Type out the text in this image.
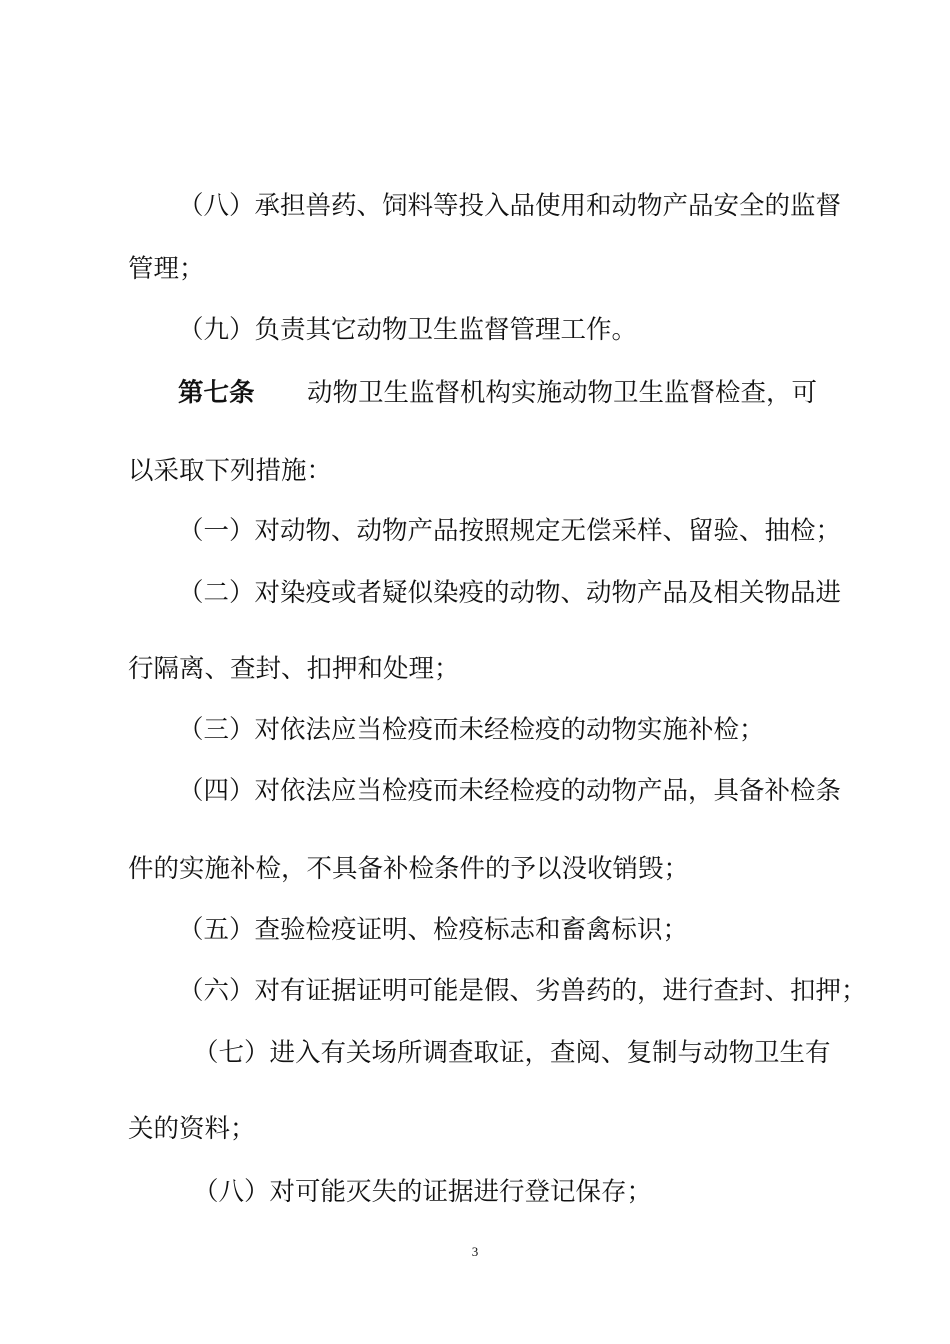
（八）承担兽药、饲料等投入品使用和动物产品安全的监督
管理；
（九）负责其它动物卫生监督管理工作。
第七条 动物卫生监督机构实施动物卫生监督检查，可
以采取下列措施：
（一）对动物、动物产品按照规定无偿采样、留验、抽检；
（二）对染疫或者疑似染疫的动物、动物产品及相关物品进
行隔离、查封、扣押和处理；
（三）对依法应当检疫而未经检疫的动物实施补检；
（四）对依法应当检疫而未经检疫的动物产品，具备补检条
件的实施补检，不具备补检条件的予以没收销毁；
（五）查验检疫证明、检疫标志和畜禽标识；
（六）对有证据证明可能是假、劣兽药的，进行查封、扣押；
（七）进入有关场所调查取证，查阅、复制与动物卫生有
关的资料；
（八）对可能灭失的证据进行登记保存；
3
